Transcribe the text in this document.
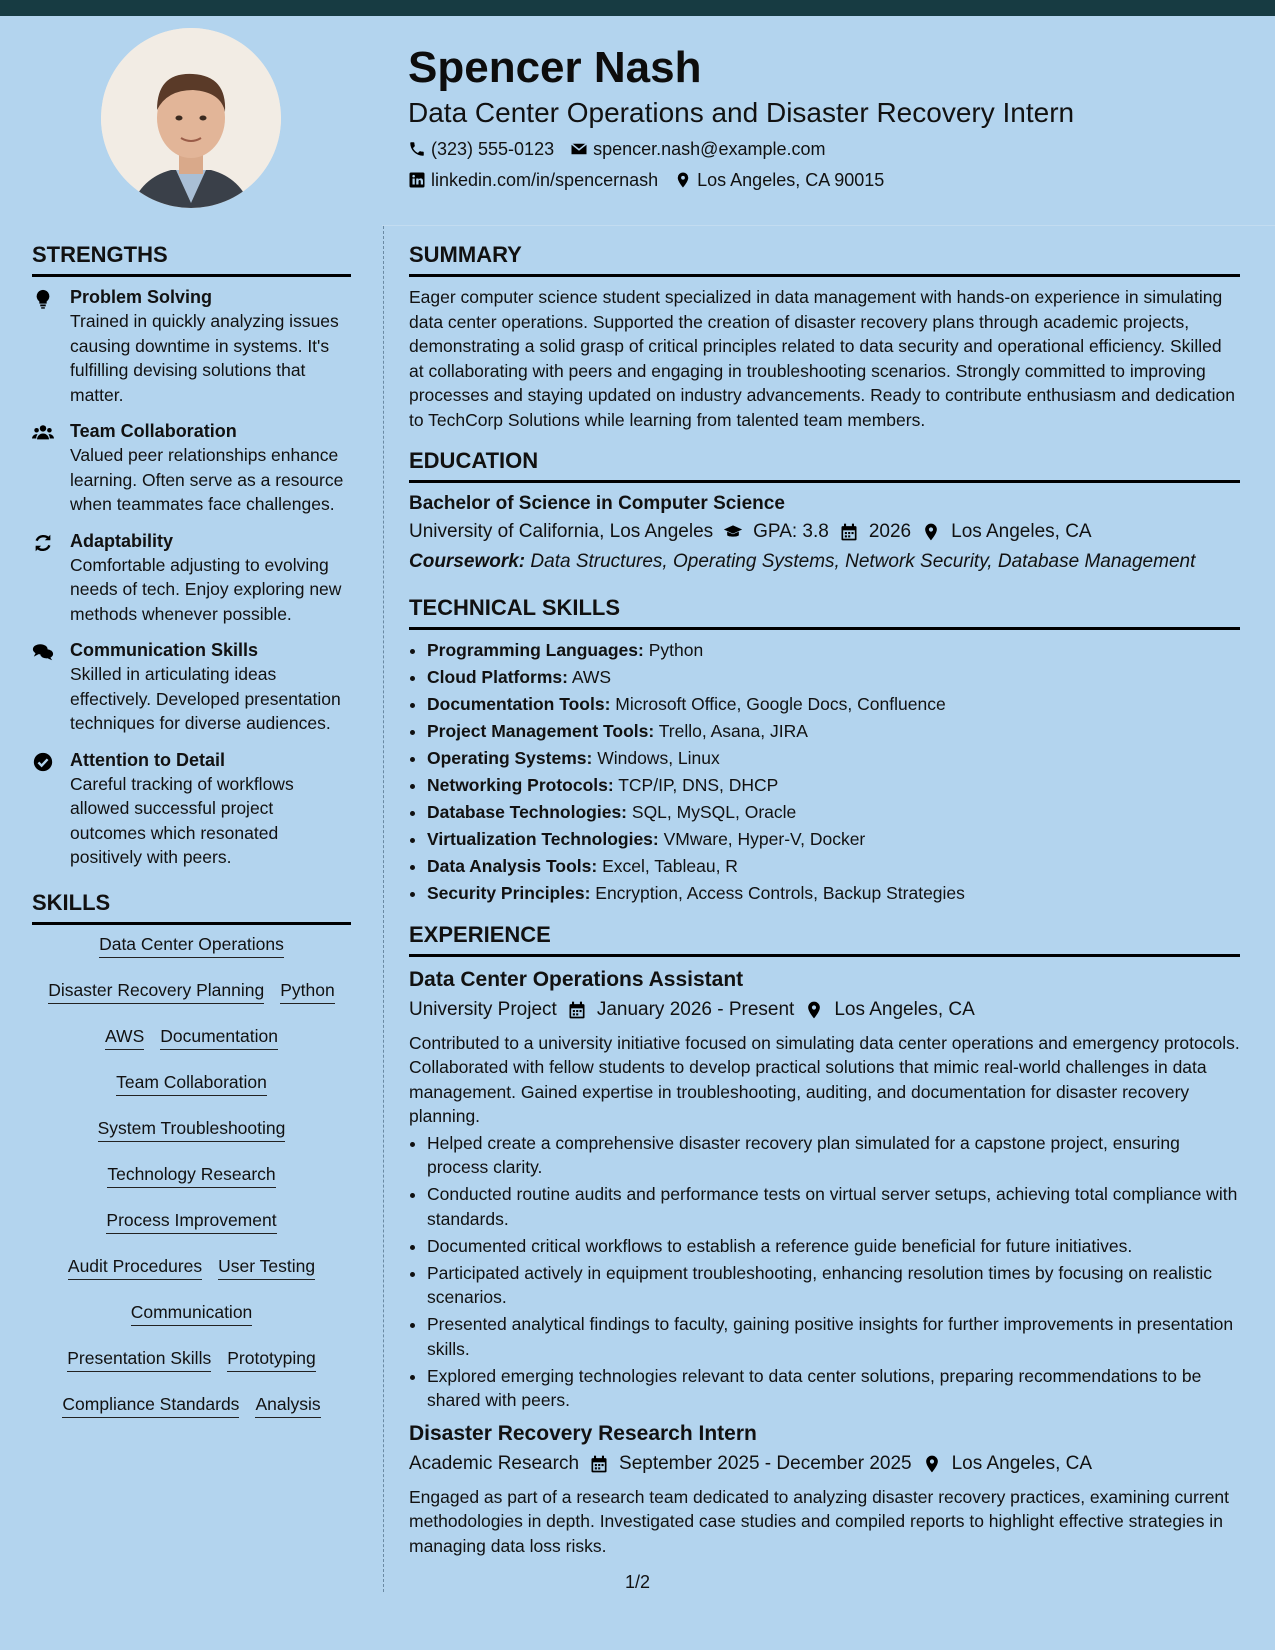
Spencer Nash
Data Center Operations and Disaster Recovery Intern
(323) 555-0123 spencer.nash@example.com
linkedin.com/in/spencernash Los Angeles, CA 90015
STRENGTHS
Problem Solving
Trained in quickly analyzing issues causing downtime in systems. It's fulfilling devising solutions that matter.
Team Collaboration
Valued peer relationships enhance learning. Often serve as a resource when teammates face challenges.
Adaptability
Comfortable adjusting to evolving needs of tech. Enjoy exploring new methods whenever possible.
Communication Skills
Skilled in articulating ideas effectively. Developed presentation techniques for diverse audiences.
Attention to Detail
Careful tracking of workflows allowed successful project outcomes which resonated positively with peers.
SKILLS
Data Center Operations
Disaster Recovery Planning Python
AWS Documentation
Team Collaboration
System Troubleshooting
Technology Research
Process Improvement
Audit Procedures User Testing
Communication
Presentation Skills Prototyping
Compliance Standards Analysis
SUMMARY

Eager computer science student specialized in data management with hands-on experience in simulating data center operations. Supported the creation of disaster recovery plans through academic projects, demonstrating a solid grasp of critical principles related to data security and operational efficiency. Skilled at collaborating with peers and engaging in troubleshooting scenarios. Strongly committed to improving processes and staying updated on industry advancements. Ready to contribute enthusiasm and dedication to TechCorp Solutions while learning from talented team members.

EDUCATION
Bachelor of Science in Computer Science
University of California, Los Angeles GPA: 3.8 2026 Los Angeles, CA
Coursework: Data Structures, Operating Systems, Network Security, Database Management
TECHNICAL SKILLS
• Programming Languages: Python
• Cloud Platforms: AWS
• Documentation Tools: Microsoft Office, Google Docs, Confluence
• Project Management Tools: Trello, Asana, JIRA
• Operating Systems: Windows, Linux
• Networking Protocols: TCP/IP, DNS, DHCP
• Database Technologies: SQL, MySQL, Oracle
• Virtualization Technologies: VMware, Hyper-V, Docker
• Data Analysis Tools: Excel, Tableau, R
• Security Principles: Encryption, Access Controls, Backup Strategies
EXPERIENCE
Data Center Operations Assistant
University Project January 2026 - Present Los Angeles, CA

Contributed to a university initiative focused on simulating data center operations and emergency protocols. Collaborated with fellow students to develop practical solutions that mimic real-world challenges in data management. Gained expertise in troubleshooting, auditing, and documentation for disaster recovery planning.

• Helped create a comprehensive disaster recovery plan simulated for a capstone project, ensuring process clarity.
• Conducted routine audits and performance tests on virtual server setups, achieving total compliance with standards.
• Documented critical workflows to establish a reference guide beneficial for future initiatives.
• Participated actively in equipment troubleshooting, enhancing resolution times by focusing on realistic scenarios.
• Presented analytical findings to faculty, gaining positive insights for further improvements in presentation skills.
• Explored emerging technologies relevant to data center solutions, preparing recommendations to be shared with peers.
Disaster Recovery Research Intern
Academic Research September 2025 - December 2025 Los Angeles, CA

Engaged as part of a research team dedicated to analyzing disaster recovery practices, examining current methodologies in depth. Investigated case studies and compiled reports to highlight effective strategies in managing data loss risks.

1/2
